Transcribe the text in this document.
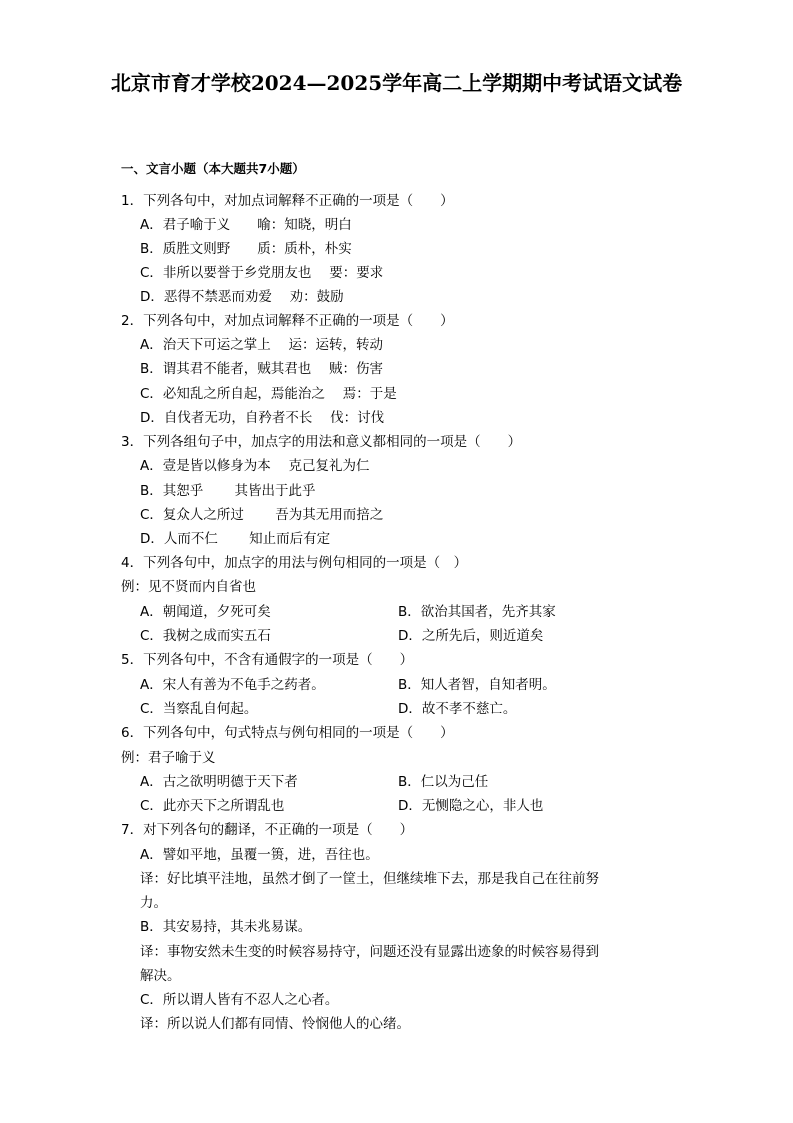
北京市育才学校2024—2025学年高二上学期期中考试语文试卷
一、文言小题（本大题共7小题）
1．下列各句中，对加点词解释不正确的一项是（　　）
A．君子喻于义　　喻：知晓，明白
B．质胜文则野　　质：质朴，朴实
C．非所以要誉于乡党朋友也　 要：要求
D．恶得不禁恶而劝爱　 劝：鼓励
2．下列各句中，对加点词解释不正确的一项是（　　）
A．治天下可运之掌上　 运：运转，转动
B．谓其君不能者，贼其君也　 贼：伤害
C．必知乱之所自起，焉能治之　 焉：于是
D．自伐者无功，自矜者不长　 伐：讨伐
3．下列各组句子中，加点字的用法和意义都相同的一项是（　　）
A．壹是皆以修身为本　 克己复礼为仁
B．其恕乎　　 其皆出于此乎
C．复众人之所过　　 吾为其无用而掊之
D．人而不仁　　 知止而后有定
4．下列各句中，加点字的用法与例句相同的一项是（　）
例：见不贤而内自省也
A．朝闻道，夕死可矣	B．欲治其国者，先齐其家
C．我树之成而实五石	D．之所先后，则近道矣
5．下列各句中，不含有通假字的一项是（　　）
A．宋人有善为不龟手之药者。	B．知人者智，自知者明。
C．当察乱自何起。	D．故不孝不慈亡。
6．下列各句中，句式特点与例句相同的一项是（　　）
例：君子喻于义
A．古之欲明明德于天下者	B．仁以为己任
C．此亦天下之所谓乱也	D．无恻隐之心，非人也
7．对下列各句的翻译，不正确的一项是（　　）
A．譬如平地，虽覆一篑，进，吾往也。
译：好比填平洼地，虽然才倒了一筐土，但继续堆下去，那是我自己在往前努
力。
B．其安易持，其未兆易谋。
译：事物安然未生变的时候容易持守，问题还没有显露出迹象的时候容易得到
解决。
C．所以谓人皆有不忍人之心者。
译：所以说人们都有同情、怜悯他人的心绪。
